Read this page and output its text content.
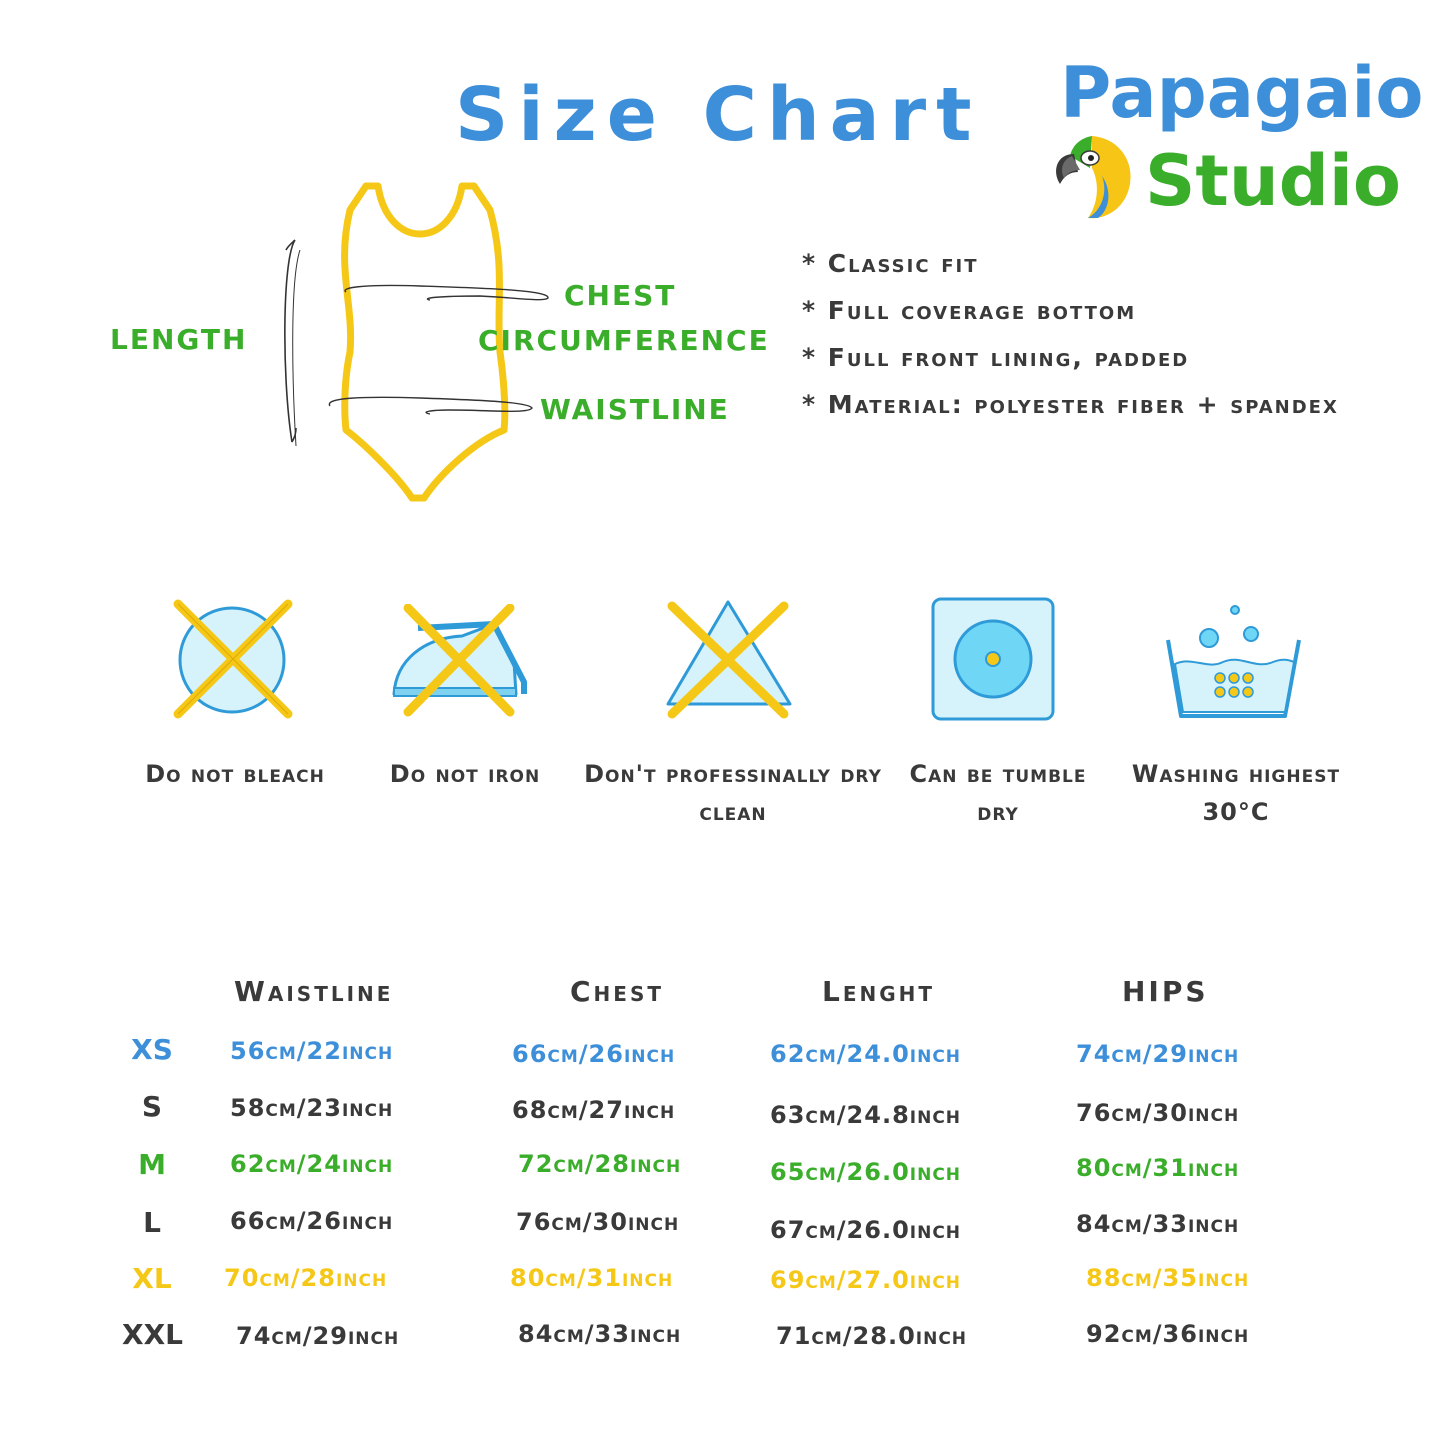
Size Chart Papagaio
Studio
LENGTH
CHEST
CIRCUMFERENCE
WAISTLINE
* Classic fit
* Full coverage bottom
* Full front lining, padded
* Material: polyester fiber + spandex
Do not bleach	Do not iron	Don't professinally dry clean
Can be tumble dry
Washing highest 30°C
Waistline	Chest	Lenght	HIPS
XS	56cm/22inch	66cm/26inch	62cm/24.0inch	74cm/29inch
S	58cm/23inch	68cm/27inch	63cm/24.8inch	76cm/30inch
M	62cm/24inch	72cm/28inch	65cm/26.0inch	80cm/31inch
L	66cm/26inch	76cm/30inch	67cm/26.0inch	84cm/33inch
XL	70cm/28inch	80cm/31inch	69cm/27.0inch	88cm/35inch
XXL 74cm/29inch	84cm/33inch	71cm/28.0inch	92cm/36inch
